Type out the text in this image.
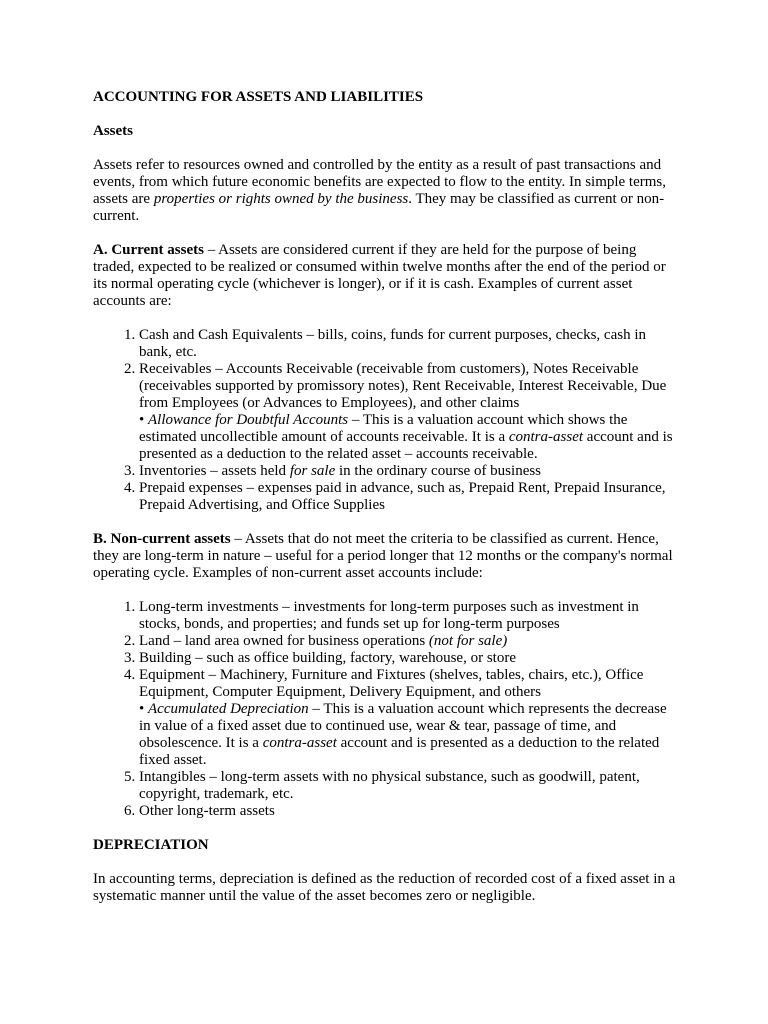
ACCOUNTING FOR ASSETS AND LIABILITIES
Assets

Assets refer to resources owned and controlled by the entity as a result of past transactions and events, from which future economic benefits are expected to flow to the entity. In simple terms, assets are properties or rights owned by the business. They may be classified as current or non-current.

A. Current assets – Assets are considered current if they are held for the purpose of being traded, expected to be realized or consumed within twelve months after the end of the period or its normal operating cycle (whichever is longer), or if it is cash. Examples of current asset accounts are:

1. Cash and Cash Equivalents – bills, coins, funds for current purposes, checks, cash in bank, etc.
2. Receivables – Accounts Receivable (receivable from customers), Notes Receivable (receivables supported by promissory notes), Rent Receivable, Interest Receivable, Due from Employees (or Advances to Employees), and other claims
• Allowance for Doubtful Accounts – This is a valuation account which shows the estimated uncollectible amount of accounts receivable. It is a contra-asset account and is presented as a deduction to the related asset – accounts receivable.
3. Inventories – assets held for sale in the ordinary course of business
4. Prepaid expenses – expenses paid in advance, such as, Prepaid Rent, Prepaid Insurance, Prepaid Advertising, and Office Supplies

B. Non-current assets – Assets that do not meet the criteria to be classified as current. Hence, they are long-term in nature – useful for a period longer that 12 months or the company's normal operating cycle. Examples of non-current asset accounts include:

1. Long-term investments – investments for long-term purposes such as investment in stocks, bonds, and properties; and funds set up for long-term purposes
2. Land – land area owned for business operations (not for sale)
3. Building – such as office building, factory, warehouse, or store
4. Equipment – Machinery, Furniture and Fixtures (shelves, tables, chairs, etc.), Office Equipment, Computer Equipment, Delivery Equipment, and others
• Accumulated Depreciation – This is a valuation account which represents the decrease in value of a fixed asset due to continued use, wear & tear, passage of time, and obsolescence. It is a contra-asset account and is presented as a deduction to the related fixed asset.
5. Intangibles – long-term assets with no physical substance, such as goodwill, patent, copyright, trademark, etc.
6. Other long-term assets
DEPRECIATION

In accounting terms, depreciation is defined as the reduction of recorded cost of a fixed asset in a systematic manner until the value of the asset becomes zero or negligible.
